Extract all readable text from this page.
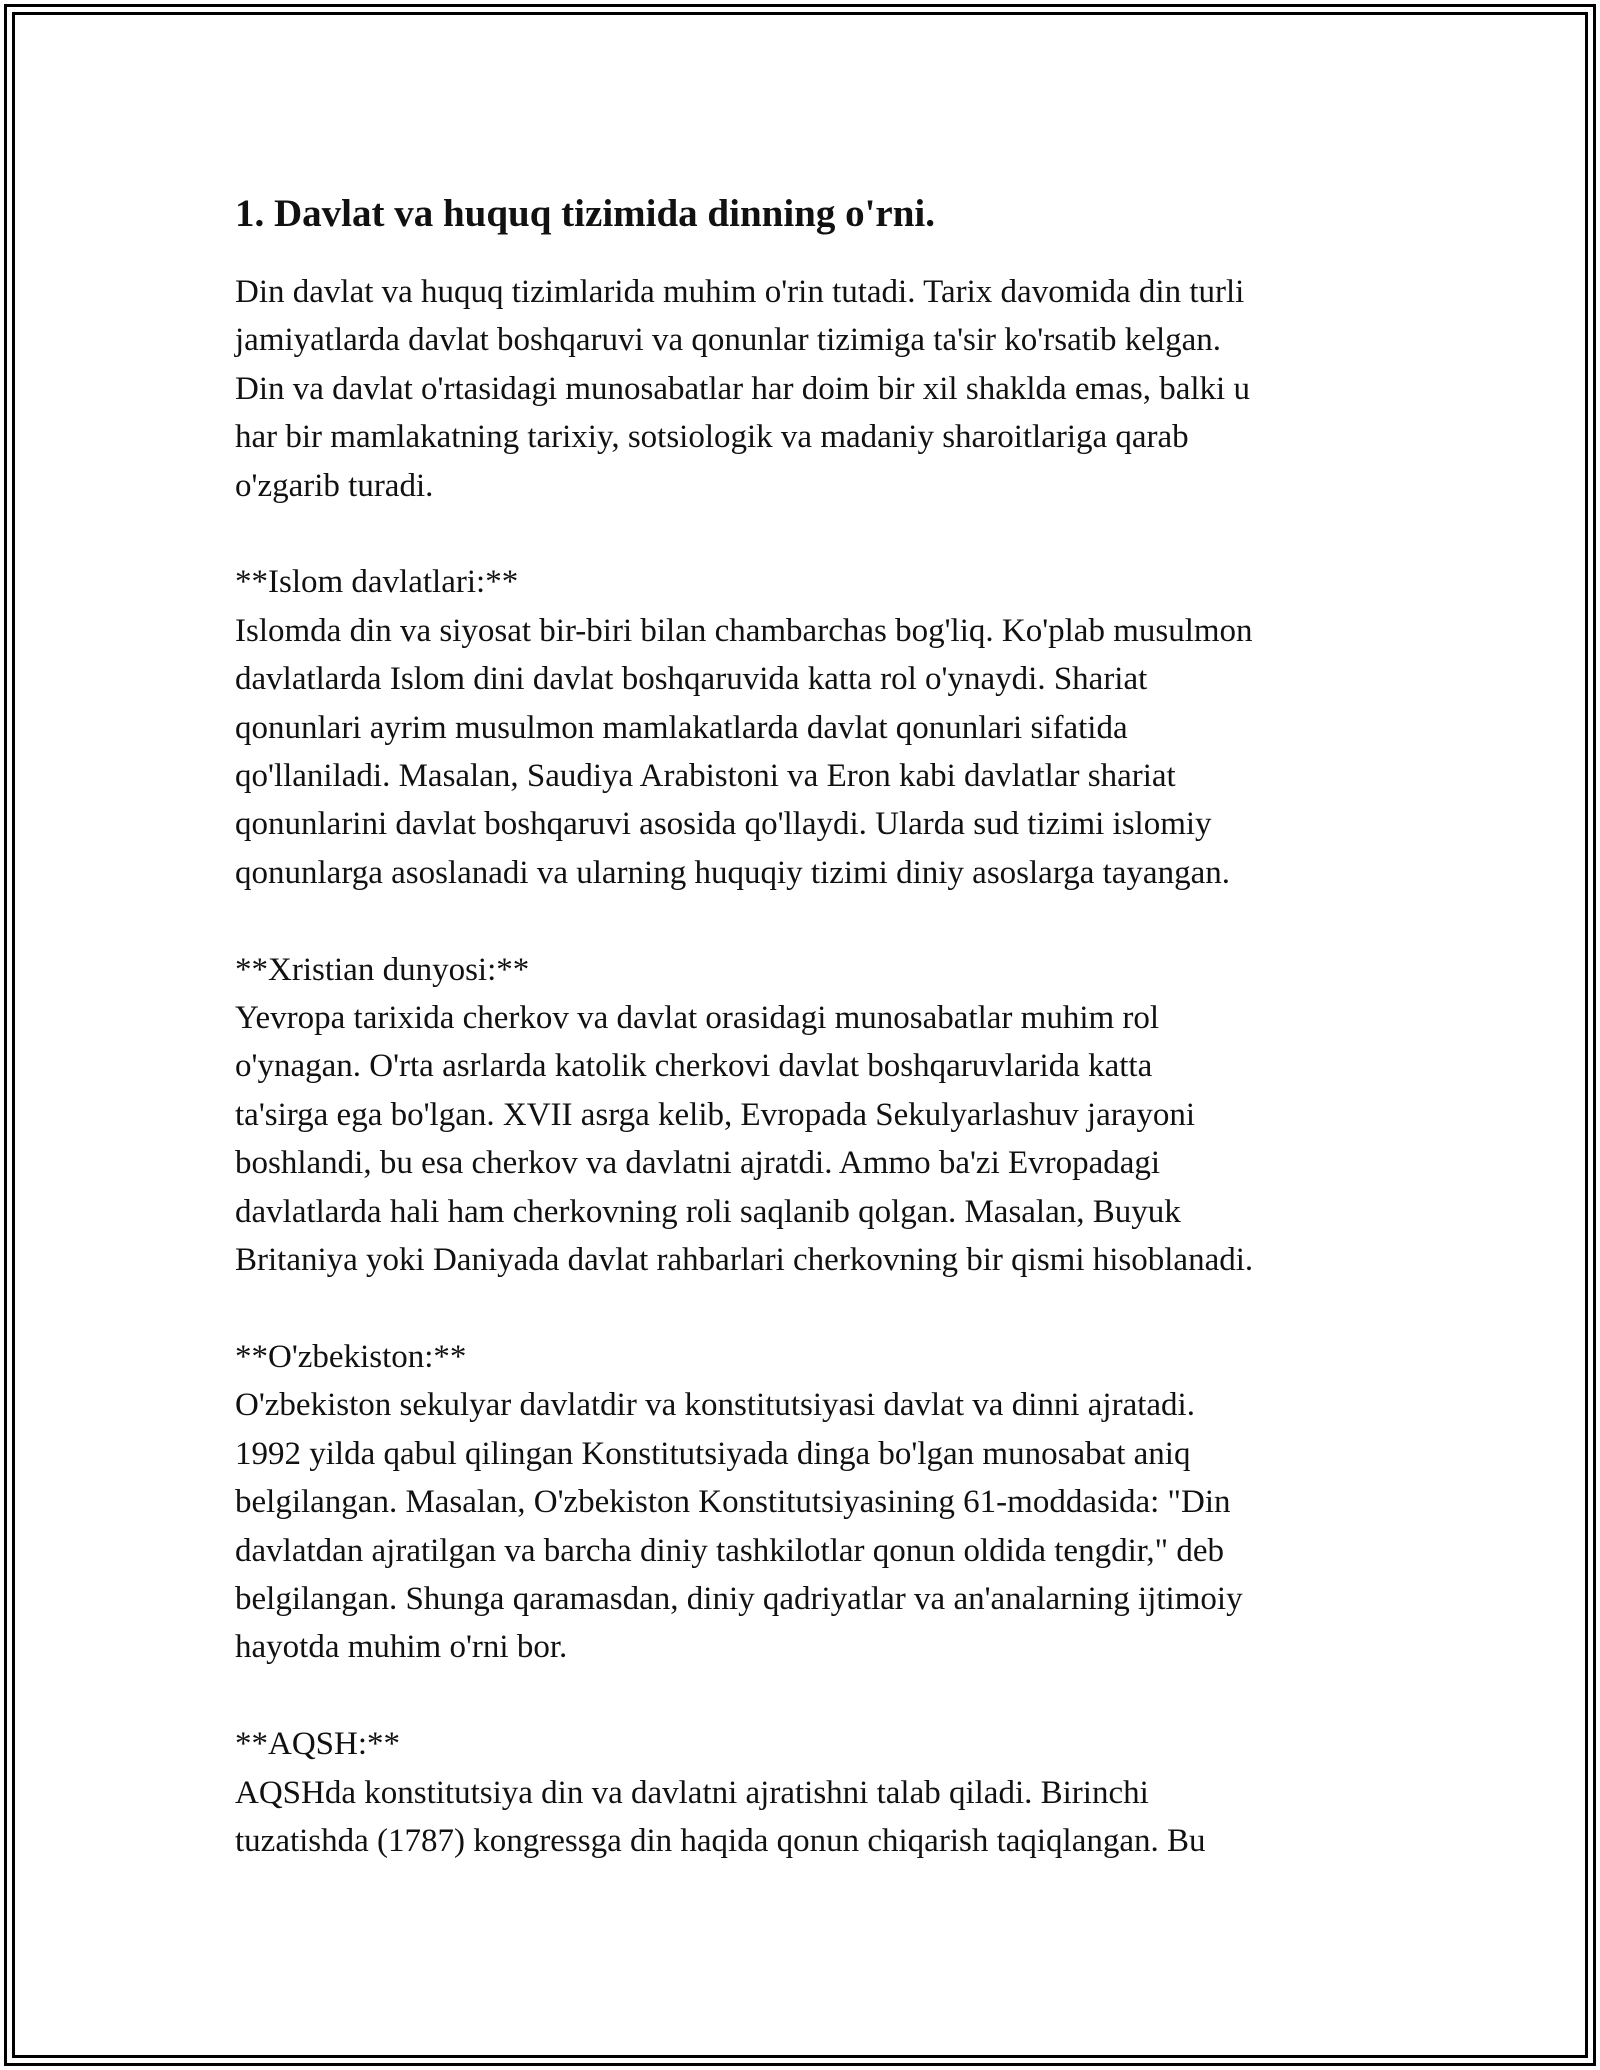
1. Davlat va huquq tizimida dinning o'rni.

Din davlat va huquq tizimlarida muhim o'rin tutadi. Tarix davomida din turli
jamiyatlarda davlat boshqaruvi va qonunlar tizimiga ta'sir ko'rsatib kelgan.
Din va davlat o'rtasidagi munosabatlar har doim bir xil shaklda emas, balki u
har bir mamlakatning tarixiy, sotsiologik va madaniy sharoitlariga qarab
o'zgarib turadi.

**Islom davlatlari:**

Islomda din va siyosat bir-biri bilan chambarchas bog'liq. Ko'plab musulmon
davlatlarda Islom dini davlat boshqaruvida katta rol o'ynaydi. Shariat
qonunlari ayrim musulmon mamlakatlarda davlat qonunlari sifatida
qo'llaniladi. Masalan, Saudiya Arabistoni va Eron kabi davlatlar shariat
qonunlarini davlat boshqaruvi asosida qo'llaydi. Ularda sud tizimi islomiy
qonunlarga asoslanadi va ularning huquqiy tizimi diniy asoslarga tayangan.

**Xristian dunyosi:**

Yevropa tarixida cherkov va davlat orasidagi munosabatlar muhim rol
o'ynagan. O'rta asrlarda katolik cherkovi davlat boshqaruvlarida katta
ta'sirga ega bo'lgan. XVII asrga kelib, Evropada Sekulyarlashuv jarayoni
boshlandi, bu esa cherkov va davlatni ajratdi. Ammo ba'zi Evropadagi
davlatlarda hali ham cherkovning roli saqlanib qolgan. Masalan, Buyuk
Britaniya yoki Daniyada davlat rahbarlari cherkovning bir qismi hisoblanadi.

**O'zbekiston:**

O'zbekiston sekulyar davlatdir va konstitutsiyasi davlat va dinni ajratadi.
1992 yilda qabul qilingan Konstitutsiyada dinga bo'lgan munosabat aniq
belgilangan. Masalan, O'zbekiston Konstitutsiyasining 61-moddasida: "Din
davlatdan ajratilgan va barcha diniy tashkilotlar qonun oldida tengdir," deb
belgilangan. Shunga qaramasdan, diniy qadriyatlar va an'analarning ijtimoiy
hayotda muhim o'rni bor.

**AQSH:**

AQSHda konstitutsiya din va davlatni ajratishni talab qiladi. Birinchi
tuzatishda (1787) kongressga din haqida qonun chiqarish taqiqlangan. Bu
